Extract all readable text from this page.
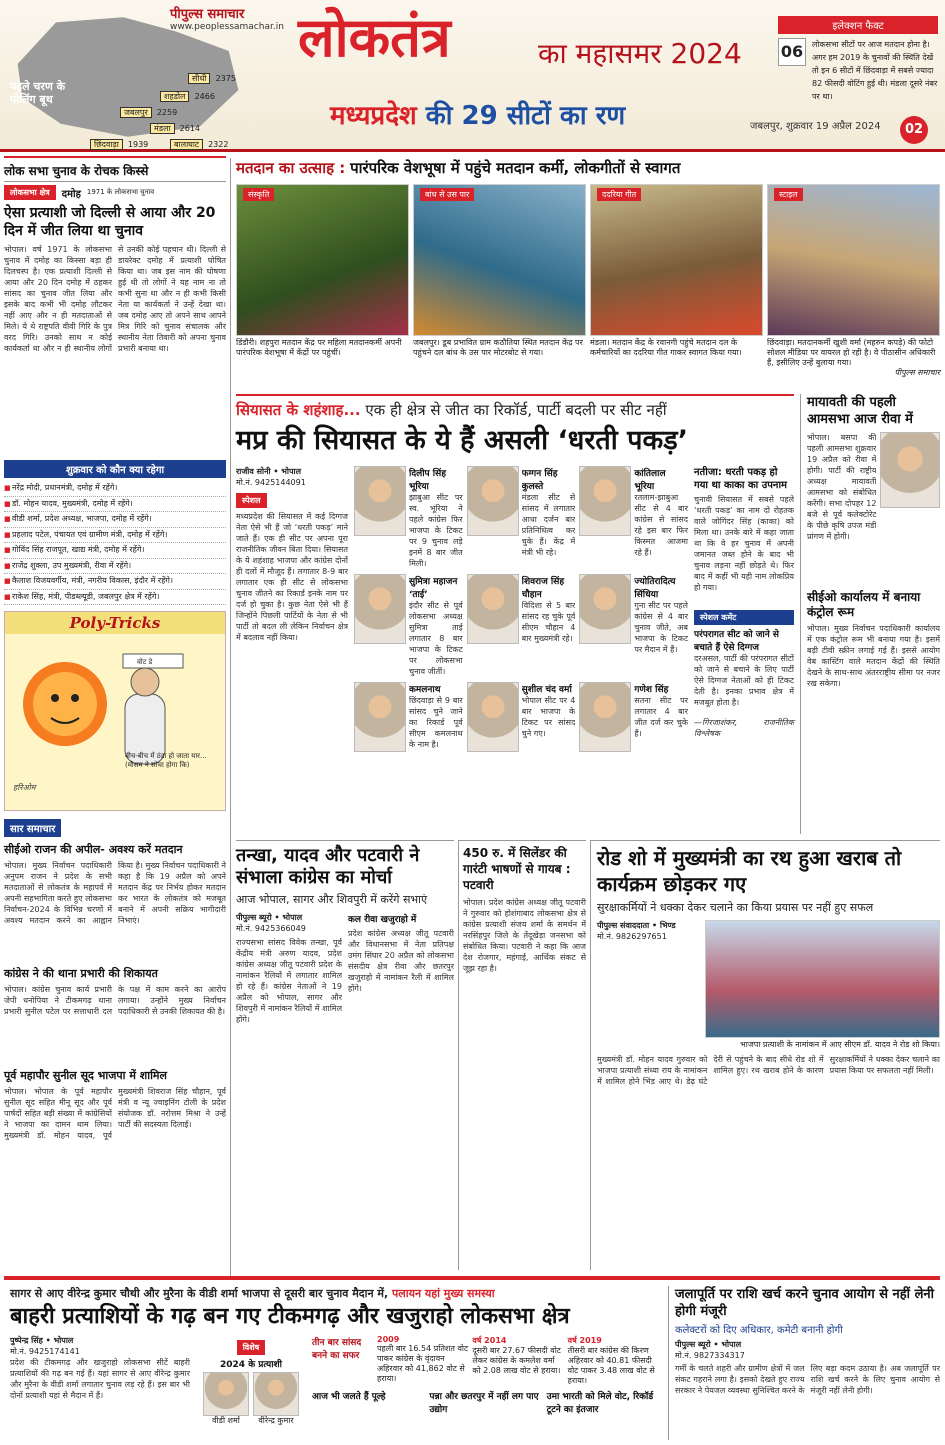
पहले चरण के पोलिंग बूथ
सीधी 2375
शहडोल 2466
जबलपुर 2259
मंडला 2614
छिंदवाड़ा 1939	बालाघाट 2322
पीपुल्स समाचार
www.peoplessamachar.in लोकतंत्र	का महासमर 2024
मध्यप्रदेश की 29 सीटों का रण
इलेक्शन फैक्ट
06	लोकसभा सीटों पर आज मतदान होना है। अगर हम 2019 के चुनावों की स्थिति देखें तो इन 6 सीटों में छिंदवाड़ा में सबसे ज्यादा 82 फीसदी वोटिंग हुई थी। मंडला दूसरे नंबर पर था।
जबलपुर, शुक्रवार 19 अप्रैल 2024	02
लोक सभा चुनाव के रोचक किस्से
लोकसभा क्षेत्र	दमोह 1971 के लोकसभा चुनाव
ऐसा प्रत्याशी जो दिल्ली से आया और 20 दिन में जीत लिया था चुनाव
भोपाल। वर्ष 1971 के लोकसभा चुनाव में दमोह का किस्सा बड़ा ही दिलचस्प है। एक प्रत्याशी दिल्ली से आया और 20 दिन दमोह में ठहकर सांसद का चुनाव जीत लिया और इसके बाद कभी भी दमोह लौटकर नहीं आए और न ही मतदाताओं से मिले। ये थे राष्ट्रपति वीवी गिरि के पुत्र वरद गिरि। उनको साथ न कोई कार्यकर्ता था और न ही स्थानीय लोगों से उनकी कोई पहचान थी। दिल्ली से डायरेक्ट दमोह में प्रत्याशी घोषित किया था। जब इस नाम की घोषणा हुई थी तो लोगों ने यह नाम ना तो कभी सुना था और न ही कभी किसी नेता या कार्यकर्ता ने उन्हें देखा था। जब दमोह आए तो अपने साथ आपने मित्र गिरि को चुनाव संचालक और स्थानीय नेता तिवारी को अपना चुनाव प्रभारी बनाया था।
शुक्रवार को कौन क्या रहेगा
■ नरेंद्र मोदी, प्रधानमंत्री, दमोह में रहेंगे।
■ डॉ. मोहन यादव, मुख्यमंत्री, दमोह में रहेंगे।
■ वीडी शर्मा, प्रदेश अध्यक्ष, भाजपा, दमोह में रहेंगे।
■ प्रहलाद पटेल, पंचायत एवं ग्रामीण मंत्री, दमोह में रहेंगे।
■ गोविंद सिंह राजपूत, खाद्य मंत्री, दमोह में रहेंगे।
■ राजेंद्र शुक्ला, उप मुख्यमंत्री, रीवा में रहेंगे।
■ कैलाश विजयवर्गीय, मंत्री, नगरीय विकास, इंदौर में रहेंगे।
■ राकेश सिंह, मंत्री, पीडब्ल्यूडी, जबलपुर क्षेत्र में रहेंगे।
Poly-Tricks
वोट डे
बीच-बीच में ठंडा हो जाता यार... (मौसम ने सोचा होगा कि)
हरिओम
सार समाचार
सीईओ राजन की अपील- अवश्य करें मतदान
भोपाल। मुख्य निर्वाचन पदाधिकारी अनुपम राजन ने प्रदेश के सभी मतदाताओं से लोकतंत्र के महापर्व में अपनी सहभागिता करते हुए लोकसभा निर्वाचन-2024 के विभिन्न चरणों में अवश्य मतदान करने का आह्वान किया है। मुख्य निर्वाचन पदाधिकारी ने कहा है कि 19 अप्रैल को अपने मतदान केंद्र पर निर्भय होकर मतदान कर भारत के लोकतंत्र को मजबूत बनाने में अपनी सक्रिय भागीदारी निभाएं।
कांग्रेस ने की थाना प्रभारी की शिकायत
भोपाल। कांग्रेस चुनाव कार्य प्रभारी जेपी धनोपिया ने टीकमगढ़ थाना प्रभारी सुनील पटेल पर सत्ताधारी दल के पक्ष में काम करने का आरोप लगाया। उन्होंने मुख्य निर्वाचन पदाधिकारी से उनकी शिकायत की है।
पूर्व महापौर सुनील सूद भाजपा में शामिल
भोपाल। भोपाल के पूर्व महापौर सुनील सूद सहित मीनू सूद और पूर्व पार्षदों सहित बड़ी संख्या में कांग्रेसियों ने भाजपा का दामन थाम लिया। मुख्यमंत्री डॉ. मोहन यादव, पूर्व मुख्यमंत्री शिवराज सिंह चौहान, पूर्व मंत्री व न्यू ज्वाइनिंग टोली के प्रदेश संयोजक डॉ. नरोत्तम मिश्रा ने उन्हें पार्टी की सदस्यता दिलाई।
मतदान का उत्साह : पारंपरिक वेशभूषा में पहुंचे मतदान कर्मी, लोकगीतों से स्वागत
संस्कृति
डिंडौरी। शहपुरा मतदान केंद्र पर महिला मतदानकर्मी अपनी पारंपरिक वेशभूषा में केंद्रों पर पहुंचीं।
बांध से उस पार
जबलपुर। डूब प्रभावित ग्राम कठौतिया स्थित मतदान केंद्र पर पहुंचने दल बांध के उस पार मोटरबोट से गया।
ददरिया गीत
मंडला। मतदान केंद्र के रवानगी पहुंचे मतदान दल के कर्मचारियों का ददरिया गीत गाकर स्वागत किया गया।
स्टाइल
छिंदवाड़ा। मतदानकर्मी खुशी वर्मा (महरुन कपड़े) की फोटो सोशल मीडिया पर वायरल हो रही है। वे पीठासीन अधिकारी हैं, इसीलिए उन्हें बुलाया गया।
पीपुल्स समाचार
सियासत के शहंशाह... एक ही क्षेत्र से जीत का रिकॉर्ड, पार्टी बदली पर सीट नहीं
मप्र की सियासत के ये हैं असली ‘धरती पकड़’
राजीव सोनी • भोपाल
मो.नं. 9425144091
स्पेशल
मध्यप्रदेश की सियासत में कई दिग्गज नेता ऐसे भी हैं जो ‘धरती पकड़’ माने जाते हैं। एक ही सीट पर अपना पूरा राजनीतिक जीवन बिता दिया। सियासत के ये शहंशाह भाजपा और कांग्रेस दोनों ही दलों में मौजूद हैं। लगातार 8-9 बार लगातार एक ही सीट से लोकसभा चुनाव जीतने का रिकार्ड इनके नाम पर दर्ज हो चुका है। कुछ नेता ऐसे भी हैं जिन्होंने पिछली पार्टियों के नेता से भी पार्टी तो बदल ली लेकिन निर्वाचन क्षेत्र में बदलाव नहीं किया।
दिलीप सिंह भूरिया
झाबुआ सीट पर स्व. भूरिया ने पहले कांग्रेस फिर भाजपा के टिकट पर 9 चुनाव लड़े इनमें 8 बार जीत मिली।
फग्गन सिंह कुलस्ते
मंडला सीट से सांसद में लगातार आधा दर्जन बार प्रतिनिधित्व कर चुके हैं। केंद्र में मंत्री भी रहे।
कांतिलाल भूरिया
रतलाम-झाबुआ सीट से 4 बार कांग्रेस से सांसद रहे इस बार फिर किस्मत आजमा रहे हैं।
सुमित्रा महाजन ‘ताई’
इंदौर सीट से पूर्व लोकसभा अध्यक्ष सुमित्रा ताई लगातार 8 बार भाजपा के टिकट पर लोकसभा चुनाव जीतीं।
शिवराज सिंह चौहान
विदिशा से 5 बार सांसद रह चुके पूर्व सीएम चौहान 4 बार मुख्यमंत्री रहे।
ज्योतिरादित्य सिंधिया
गुना सीट पर पहले कांग्रेस से 4 बार चुनाव जीते, अब भाजपा के टिकट पर मैदान में हैं।
कमलनाथ
छिंदवाड़ा से 9 बार सांसद चुने जाने का रिकार्ड पूर्व सीएम कमलनाथ के नाम है।
सुशील चंद वर्मा
भोपाल सीट पर 4 बार भाजपा के टिकट पर सांसद चुने गए।
गणेश सिंह
सतना सीट पर लगातार 4 बार जीत दर्ज कर चुके हैं।
नतीजा: धरती पकड़ हो गया था काका का उपनाम
चुनावी सियासत में सबसे पहले ‘धरती पकड़’ का नाम दो रोहतक वाले जोगिंदर सिंह (काका) को मिला था। उनके बारे में कहा जाता था कि वे हर चुनाव में अपनी जमानत जब्त होने के बाद भी चुनाव लड़ना नहीं छोड़ते थे। फिर बाद में कहीं भी यही नाम लोकप्रिय हो गया।
स्पेशल कमेंट
परंपरागत सीट को जाने से बचाते हैं ऐसे दिग्गज
दरअसल, पार्टी की परंपरागत सीटों को जाने से बचाने के लिए पार्टी ऐसे दिग्गज नेताओं को ही टिकट देती है। इनका प्रभाव क्षेत्र में मजबूत होता है।
—गिरजाशंकर, राजनीतिक विश्लेषक
मायावती की पहली आमसभा आज रीवा में
भोपाल। बसपा की पहली आमसभा शुक्रवार 19 अप्रैल को रीवा में होगी। पार्टी की राष्ट्रीय अध्यक्ष मायावती आमसभा को संबोधित करेंगी। सभा दोपहर 12 बजे से पूर्व कलेक्टोरेट के पीछे कृषि उपज मंडी प्रांगण में होगी।
सीईओ कार्यालय में बनाया कंट्रोल रूम
भोपाल। मुख्य निर्वाचन पदाधिकारी कार्यालय में एक कंट्रोल रूम भी बनाया गया है। इसमें बड़ी टीवी स्क्रीन लगाई गई हैं। इससे आयोग वेब कास्टिंग वाले मतदान केंद्रों की स्थिति देखने के साथ-साथ अंतरराष्ट्रीय सीमा पर नजर रख सकेगा।
तन्खा, यादव और पटवारी ने संभाला कांग्रेस का मोर्चा
आज भोपाल, सागर और शिवपुरी में करेंगे सभाएं
पीपुल्स ब्यूरो • भोपाल
मो.नं. 9425366049
राज्यसभा सांसद विवेक तन्खा, पूर्व केंद्रीय मंत्री अरुण यादव, प्रदेश कांग्रेस अध्यक्ष जीतू पटवारी प्रदेश के नामांकन रैलियों में लगातार शामिल हो रहे हैं। कांग्रेस नेताओं ने 19 अप्रैल को भोपाल, सागर और शिवपुरी में नामांकन रैलियों में शामिल होंगे।
कल रीवा खजुराहो में
प्रदेश कांग्रेस अध्यक्ष जीतू पटवारी और विधानसभा में नेता प्रतिपक्ष उमंग सिंघार 20 अप्रैल को लोकसभा संसदीय क्षेत्र रीवा और छतरपुर खजुराहो में नामांकन रैली में शामिल होंगे।
450 रु. में सिलेंडर की गारंटी भाषणों से गायब : पटवारी
भोपाल। प्रदेश कांग्रेस अध्यक्ष जीतू पटवारी ने गुरुवार को होशंगाबाद लोकसभा क्षेत्र से कांग्रेस प्रत्याशी संजय शर्मा के समर्थन में नरसिंहपुर जिले के तेंदूखेड़ा जनसभा को संबोधित किया। पटवारी ने कहा कि आज देश रोजगार, महंगाई, आर्थिक संकट से जूझ रहा है।
रोड शो में मुख्यमंत्री का रथ हुआ खराब तो कार्यक्रम छोड़कर गए
सुरक्षाकर्मियों ने धक्का देकर चलाने का किया प्रयास पर नहीं हुए सफल
पीपुल्स संवाददाता • भिण्ड
मो.नं. 9826297651
भाजपा प्रत्याशी के नामांकन में आए सीएम डॉ. यादव ने रोड शो किया।
मुख्यमंत्री डॉ. मोहन यादव गुरुवार को भाजपा प्रत्याशी संध्या राय के नामांकन में शामिल होने भिंड आए थे। डेढ़ घंटे देरी से पहुंचने के बाद सीधे रोड शो में शामिल हुए। रथ खराब होने के कारण सुरक्षाकर्मियों ने धक्का देकर चलाने का प्रयास किया पर सफलता नहीं मिली।
सागर से आए वीरेन्द्र कुमार चौथी और मुरैना के वीडी शर्मा भाजपा से दूसरी बार चुनाव मैदान में, पलायन यहां मुख्य समस्या
बाहरी प्रत्याशियों के गढ़ बन गए टीकमगढ़ और खजुराहो लोकसभा क्षेत्र
पुष्पेन्द्र सिंह • भोपाल
मो.नं. 9425174141
प्रदेश की टीकमगढ़ और खजुराहो लोकसभा सीटें बाहरी प्रत्याशियों की गढ़ बन गई हैं। यहां सागर से आए वीरेन्द्र कुमार और मुरैना के वीडी शर्मा लगातार चुनाव लड़ रहे हैं। इस बार भी दोनों प्रत्याशी यहां से मैदान में हैं।
विशेष
2024 के प्रत्याशी
वीडी शर्मा	वीरेन्द्र कुमार
तीन बार सांसद बनने का सफर
2009
पहली बार 16.54 प्रतिशत वोट पाकर कांग्रेस के वृंदावन अहिरवार को 41,862 वोट से हराया।
वर्ष 2014
दूसरी बार 27.67 फीसदी वोट लेकर कांग्रेस के कमलेश वर्मा को 2.08 लाख वोट से हराया।
वर्ष 2019
तीसरी बार कांग्रेस की किरण अहिरवार को 40.81 फीसदी वोट पाकर 3.48 लाख वोट से हराया।
आज भी जलते हैं पूल्हे	पन्ना और छतरपुर में नहीं लग पाए उद्योग
उमा भारती को मिले वोट, रिकॉर्ड टूटने का इंतजार
जलापूर्ति पर राशि खर्च करने चुनाव आयोग से नहीं लेनी होगी मंजूरी
कलेक्टरों को दिए अधिकार, कमेटी बनानी होगी
पीपुल्स ब्यूरो • भोपाल
मो.नं. 9827334317
गर्मी के चलते शहरी और ग्रामीण क्षेत्रों में जल संकट गहराने लगा है। इसको देखते हुए राज्य सरकार ने पेयजल व्यवस्था सुनिश्चित करने के लिए बड़ा कदम उठाया है। अब जलापूर्ति पर राशि खर्च करने के लिए चुनाव आयोग से मंजूरी नहीं लेनी होगी।
